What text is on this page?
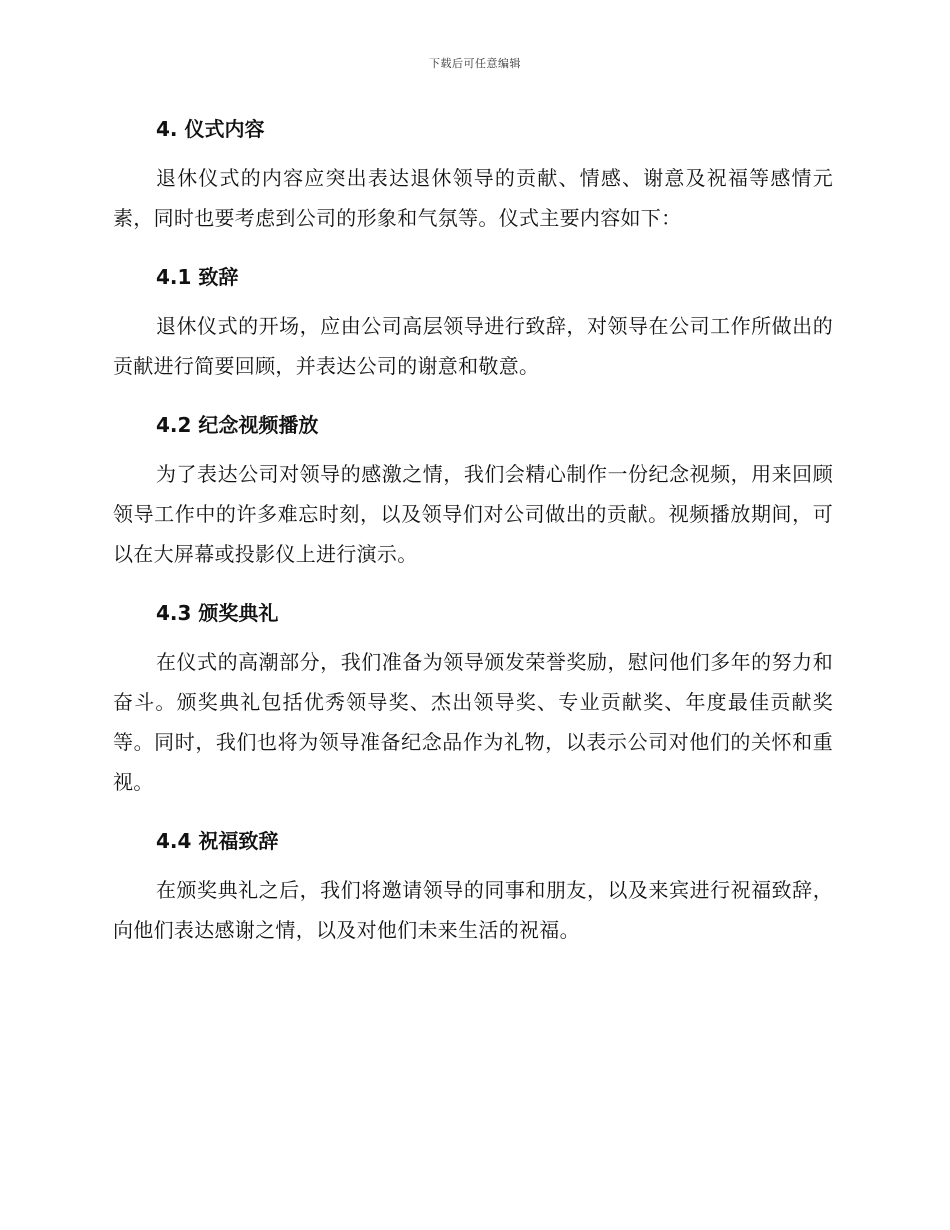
下载后可任意编辑

4. 仪式内容

退休仪式的内容应突出表达退休领导的贡献、情感、谢意及祝福等感情元素，同时也要考虑到公司的形象和气氛等。仪式主要内容如下：

4.1 致辞

退休仪式的开场，应由公司高层领导进行致辞，对领导在公司工作所做出的贡献进行简要回顾，并表达公司的谢意和敬意。

4.2 纪念视频播放

为了表达公司对领导的感激之情，我们会精心制作一份纪念视频，用来回顾领导工作中的许多难忘时刻，以及领导们对公司做出的贡献。视频播放期间，可以在大屏幕或投影仪上进行演示。

4.3 颁奖典礼

在仪式的高潮部分，我们准备为领导颁发荣誉奖励，慰问他们多年的努力和奋斗。颁奖典礼包括优秀领导奖、杰出领导奖、专业贡献奖、年度最佳贡献奖等。同时，我们也将为领导准备纪念品作为礼物，以表示公司对他们的关怀和重视。

4.4 祝福致辞

在颁奖典礼之后，我们将邀请领导的同事和朋友，以及来宾进行祝福致辞，向他们表达感谢之情，以及对他们未来生活的祝福。
